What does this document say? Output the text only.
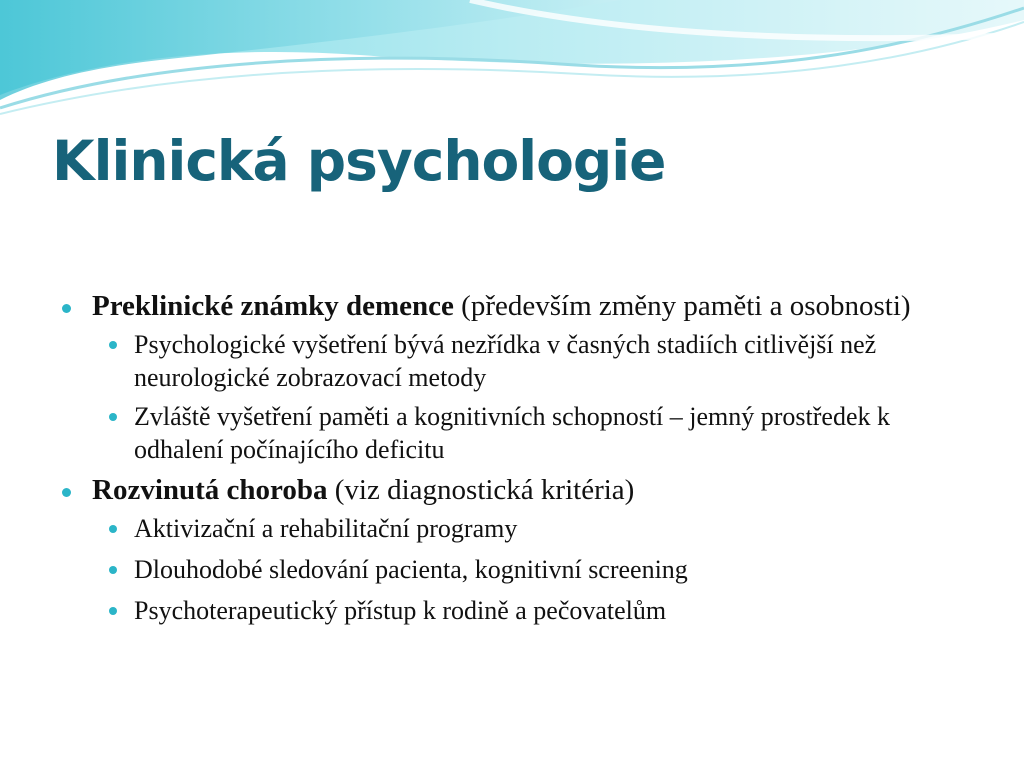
Klinická psychologie
Preklinické známky demence (především změny paměti a osobnosti)
Psychologické vyšetření bývá nezřídka v časných stadiích citlivější než neurologické zobrazovací metody
Zvláště vyšetření paměti a kognitivních schopností – jemný prostředek k odhalení počínajícího deficitu
Rozvinutá choroba (viz diagnostická kritéria)
Aktivizační a rehabilitační programy
Dlouhodobé sledování pacienta, kognitivní screening
Psychoterapeutický přístup k rodině a pečovatelům
